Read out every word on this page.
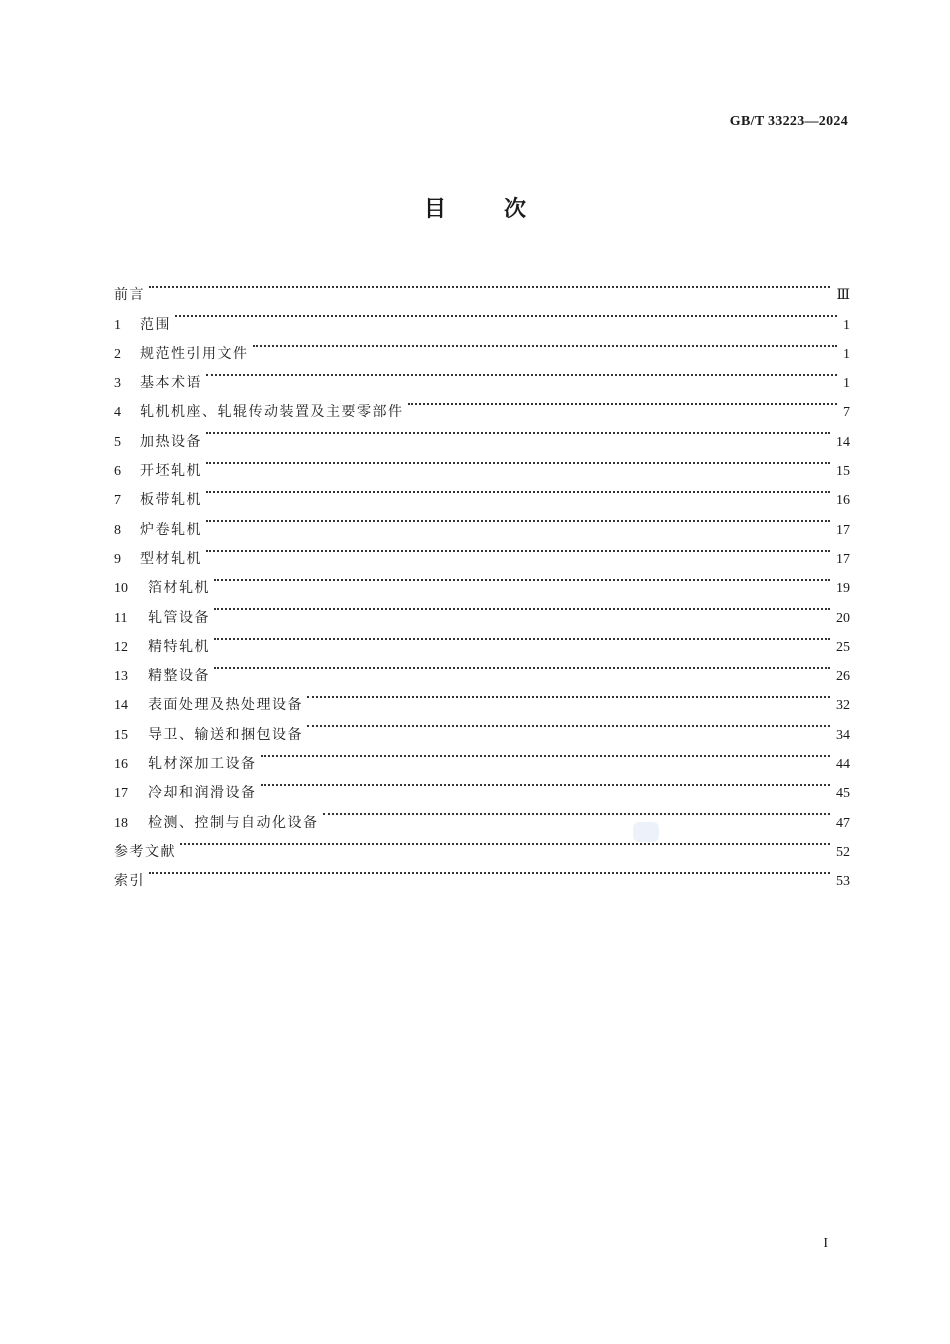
GB/T 33223—2024
目次
前言	Ⅲ
1	范围	1
2	规范性引用文件	1
3	基本术语	1
4	轧机机座、轧辊传动装置及主要零部件	7
5	加热设备	14
6	开坯轧机	15
7	板带轧机	16
8	炉卷轧机	17
9	型材轧机	17
10	箔材轧机	19
11	轧管设备	20
12	精特轧机	25
13	精整设备	26
14	表面处理及热处理设备	32
15	导卫、输送和捆包设备	34
16	轧材深加工设备	44
17	冷却和润滑设备	45
18	检测、控制与自动化设备	47
参考文献	52
索引	53
I
